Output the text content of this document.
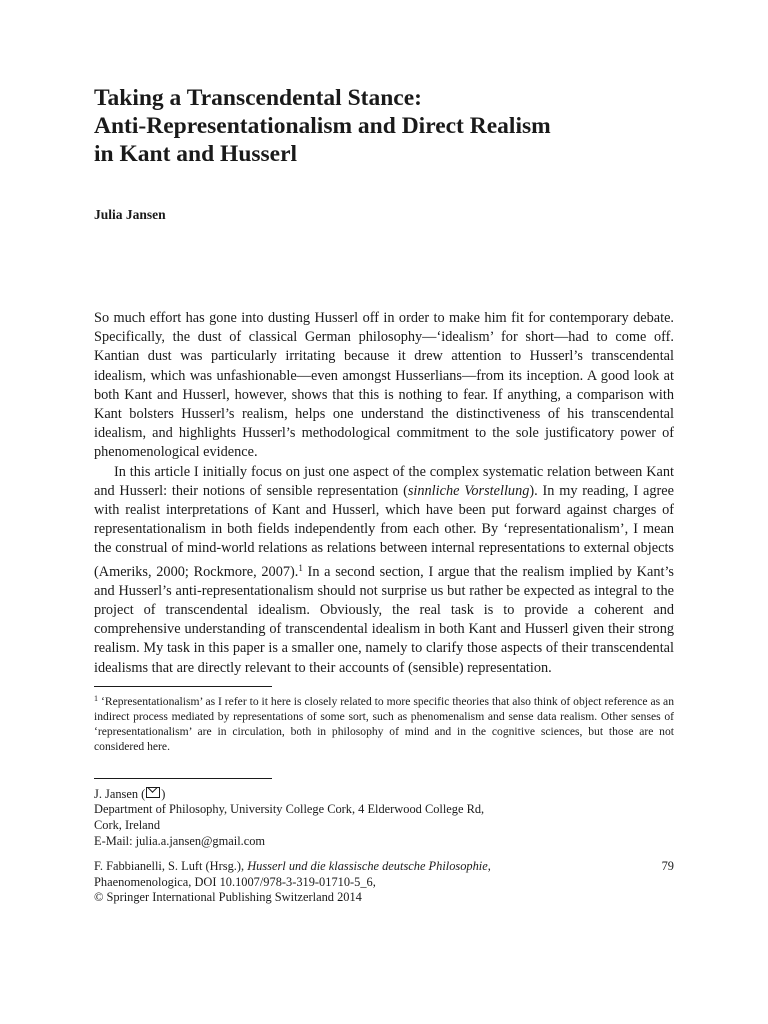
Taking a Transcendental Stance:
Anti-Representationalism and Direct Realism
in Kant and Husserl
Julia Jansen

So much effort has gone into dusting Husserl off in order to make him fit for contemporary debate. Specifically, the dust of classical German philosophy—‘idealism’ for short—had to come off. Kantian dust was particularly irritating because it drew attention to Husserl’s transcendental idealism, which was unfashionable—even amongst Husserlians—from its inception. A good look at both Kant and Husserl, however, shows that this is nothing to fear. If anything, a comparison with Kant bolsters Husserl’s realism, helps one understand the distinctiveness of his transcendental idealism, and highlights Husserl’s methodological commitment to the sole justificatory power of phenomenological evidence.

In this article I initially focus on just one aspect of the complex systematic relation between Kant and Husserl: their notions of sensible representation (sinnliche Vorstellung). In my reading, I agree with realist interpretations of Kant and Husserl, which have been put forward against charges of representationalism in both fields independently from each other. By ‘representationalism’, I mean the construal of mind-world relations as relations between internal representations to external objects (Ameriks, 2000; Rockmore, 2007).$^1$ In a second section, I argue that the realism implied by Kant’s and Husserl’s anti-representationalism should not surprise us but rather be expected as integral to the project of transcendental idealism. Obviously, the real task is to provide a coherent and comprehensive understanding of transcendental idealism in both Kant and Husserl given their strong realism. My task in this paper is a smaller one, namely to clarify those aspects of their transcendental idealisms that are directly relevant to their accounts of (sensible) representation.

$^1$ ‘Representationalism’ as I refer to it here is closely related to more specific theories that also think of object reference as an indirect process mediated by representations of some sort, such as phenomenalism and sense data realism. Other senses of ‘representationalism’ are in circulation, both in philosophy of mind and in the cognitive sciences, but those are not considered here.
J. Jansen ( )
Department of Philosophy, University College Cork, 4 Elderwood College Rd,
Cork, Ireland
E-Mail: julia.a.jansen@gmail.com
F. Fabbianelli, S. Luft (Hrsg.), Husserl und die klassische deutsche Philosophie,
Phaenomenologica, DOI 10.1007/978-3-319-01710-5_6,
© Springer International Publishing Switzerland 2014
79
